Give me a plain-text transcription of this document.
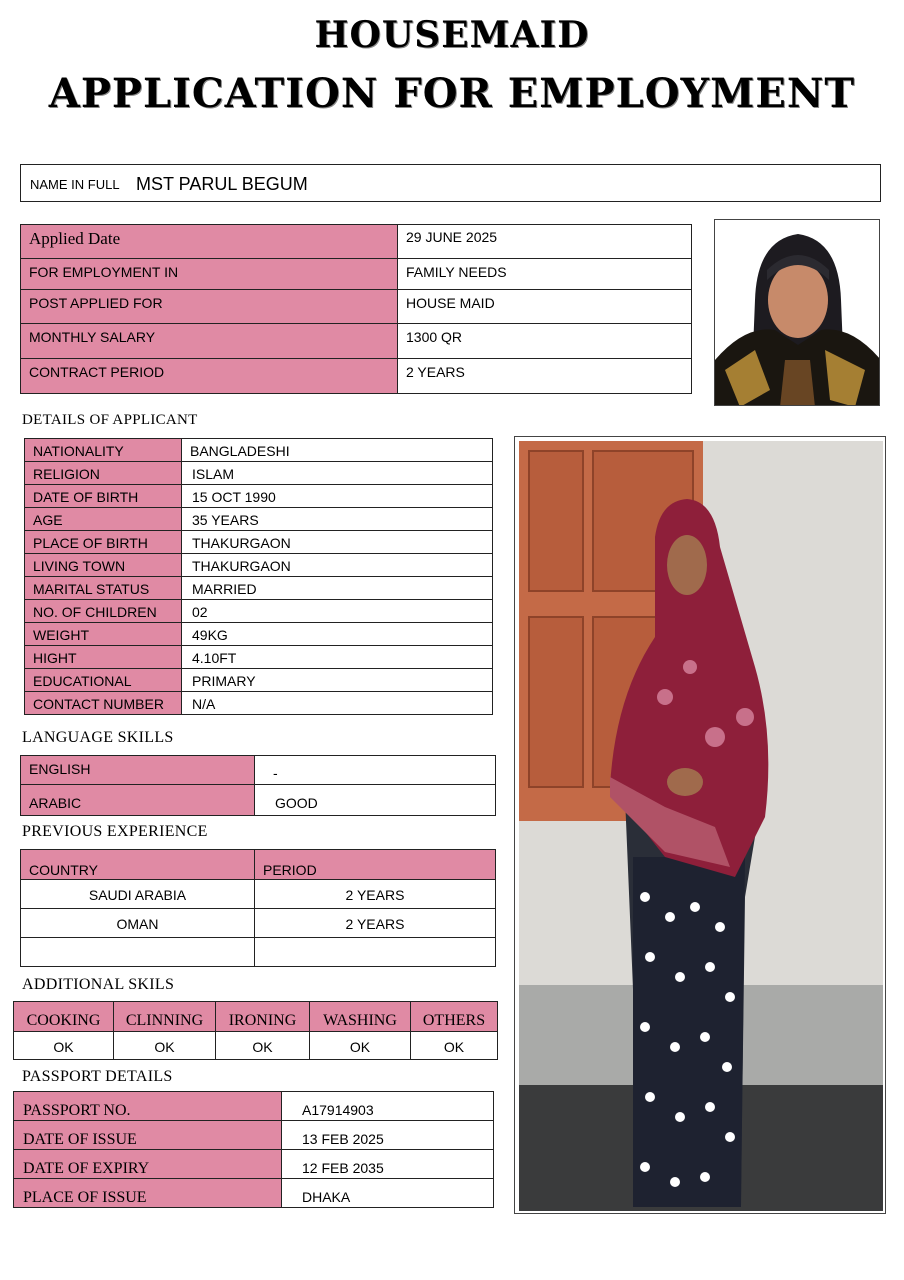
HOUSEMAID
APPLICATION FOR EMPLOYMENT
NAME IN FULL MST PARUL BEGUM
Applied Date	29 JUNE 2025
FOR EMPLOYMENT IN	FAMILY NEEDS
POST APPLIED FOR	HOUSE MAID
MONTHLY SALARY	1300 QR
CONTRACT PERIOD	2 YEARS
DETAILS OF APPLICANT
NATIONALITY	BANGLADESHI
RELIGION	ISLAM
DATE OF BIRTH	15 OCT 1990
AGE	35 YEARS
PLACE OF BIRTH	THAKURGAON
LIVING TOWN	THAKURGAON
MARITAL STATUS	MARRIED
NO. OF CHILDREN	02
WEIGHT	49KG
HIGHT	4.10FT
EDUCATIONAL	PRIMARY
CONTACT NUMBER	N/A
LANGUAGE SKILLS
ENGLISH	-
ARABIC	GOOD
PREVIOUS EXPERIENCE
COUNTRY	PERIOD
SAUDI ARABIA	2 YEARS
OMAN	2 YEARS

ADDITIONAL SKILS
COOKING	CLINNING	IRONING	WASHING	OTHERS
OK	OK	OK	OK	OK
PASSPORT DETAILS
PASSPORT NO.	A17914903
DATE OF ISSUE	13 FEB 2025
DATE OF EXPIRY	12 FEB 2035
PLACE OF ISSUE	DHAKA
